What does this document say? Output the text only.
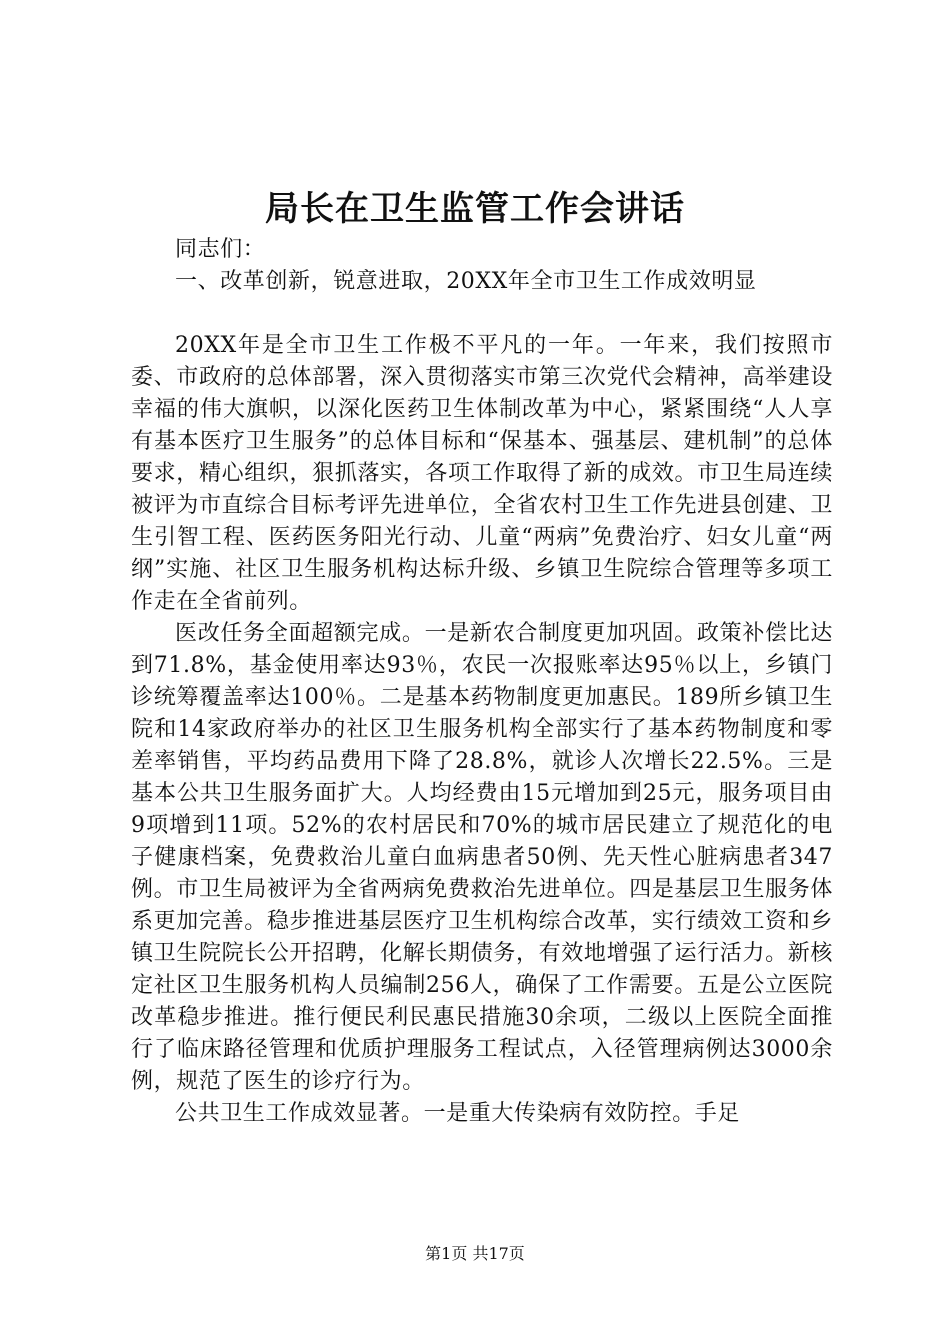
局长在卫生监管工作会讲话

同志们：

一、改革创新，锐意进取，20XX年全市卫生工作成效明显

20XX年是全市卫生工作极不平凡的一年。一年来，我们按照市委、市政府的总体部署，深入贯彻落实市第三次党代会精神，高举建设幸福的伟大旗帜，以深化医药卫生体制改革为中心，紧紧围绕“人人享有基本医疗卫生服务”的总体目标和“保基本、强基层、建机制”的总体要求，精心组织，狠抓落实，各项工作取得了新的成效。市卫生局连续被评为市直综合目标考评先进单位，全省农村卫生工作先进县创建、卫生引智工程、医药医务阳光行动、儿童“两病”免费治疗、妇女儿童“两纲”实施、社区卫生服务机构达标升级、乡镇卫生院综合管理等多项工作走在全省前列。

医改任务全面超额完成。一是新农合制度更加巩固。政策补偿比达到71.8%，基金使用率达93％，农民一次报账率达95％以上，乡镇门诊统筹覆盖率达100％。二是基本药物制度更加惠民。189所乡镇卫生院和14家政府举办的社区卫生服务机构全部实行了基本药物制度和零差率销售，平均药品费用下降了28.8%，就诊人次增长22.5%。三是基本公共卫生服务面扩大。人均经费由15元增加到25元，服务项目由9项增到11项。52%的农村居民和70%的城市居民建立了规范化的电子健康档案，免费救治儿童白血病患者50例、先天性心脏病患者347例。市卫生局被评为全省两病免费救治先进单位。四是基层卫生服务体系更加完善。稳步推进基层医疗卫生机构综合改革，实行绩效工资和乡镇卫生院院长公开招聘，化解长期债务，有效地增强了运行活力。新核定社区卫生服务机构人员编制256人，确保了工作需要。五是公立医院改革稳步推进。推行便民利民惠民措施30余项，二级以上医院全面推行了临床路径管理和优质护理服务工程试点，入径管理病例达3000余例，规范了医生的诊疗行为。

公共卫生工作成效显著。一是重大传染病有效防控。手足

第1页 共17页
